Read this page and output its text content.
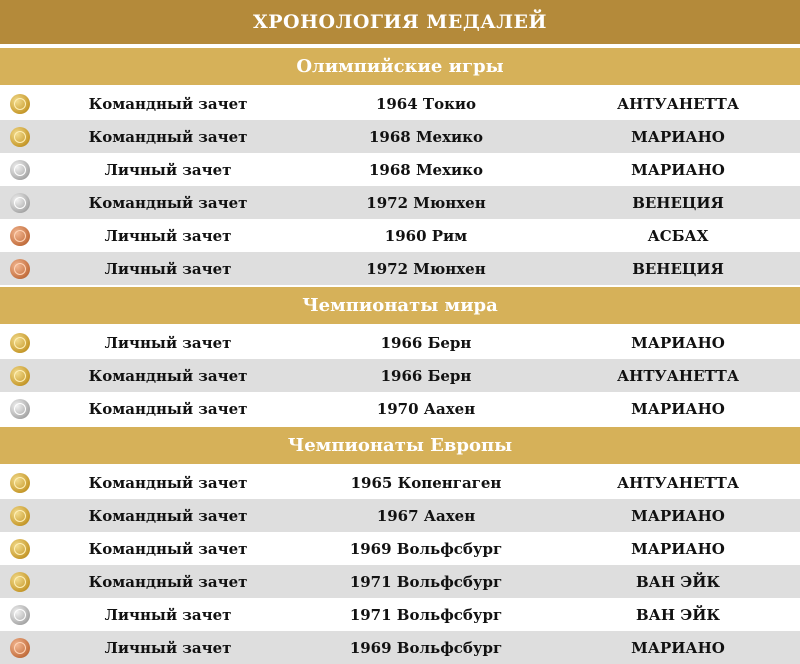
ХРОНОЛОГИЯ МЕДАЛЕЙ
Олимпийские игры
Командный зачет	1964 Токио	АНТУАНЕТТА
Командный зачет	1968 Мехико	МАРИАНО
Личный зачет	1968 Мехико	МАРИАНО
Командный зачет	1972 Мюнхен	ВЕНЕЦИЯ
Личный зачет	1960 Рим	АСБАХ
Личный зачет	1972 Мюнхен	ВЕНЕЦИЯ
Чемпионаты мира
Личный зачет	1966 Берн	МАРИАНО
Командный зачет	1966 Берн	АНТУАНЕТТА
Командный зачет	1970 Аахен	МАРИАНО
Чемпионаты Европы
Командный зачет	1965 Копенгаген	АНТУАНЕТТА
Командный зачет	1967 Аахен	МАРИАНО
Командный зачет	1969 Вольфсбург	МАРИАНО
Командный зачет	1971 Вольфсбург	ВАН ЭЙК
Личный зачет	1971 Вольфсбург	ВАН ЭЙК
Личный зачет	1969 Вольфсбург	МАРИАНО
